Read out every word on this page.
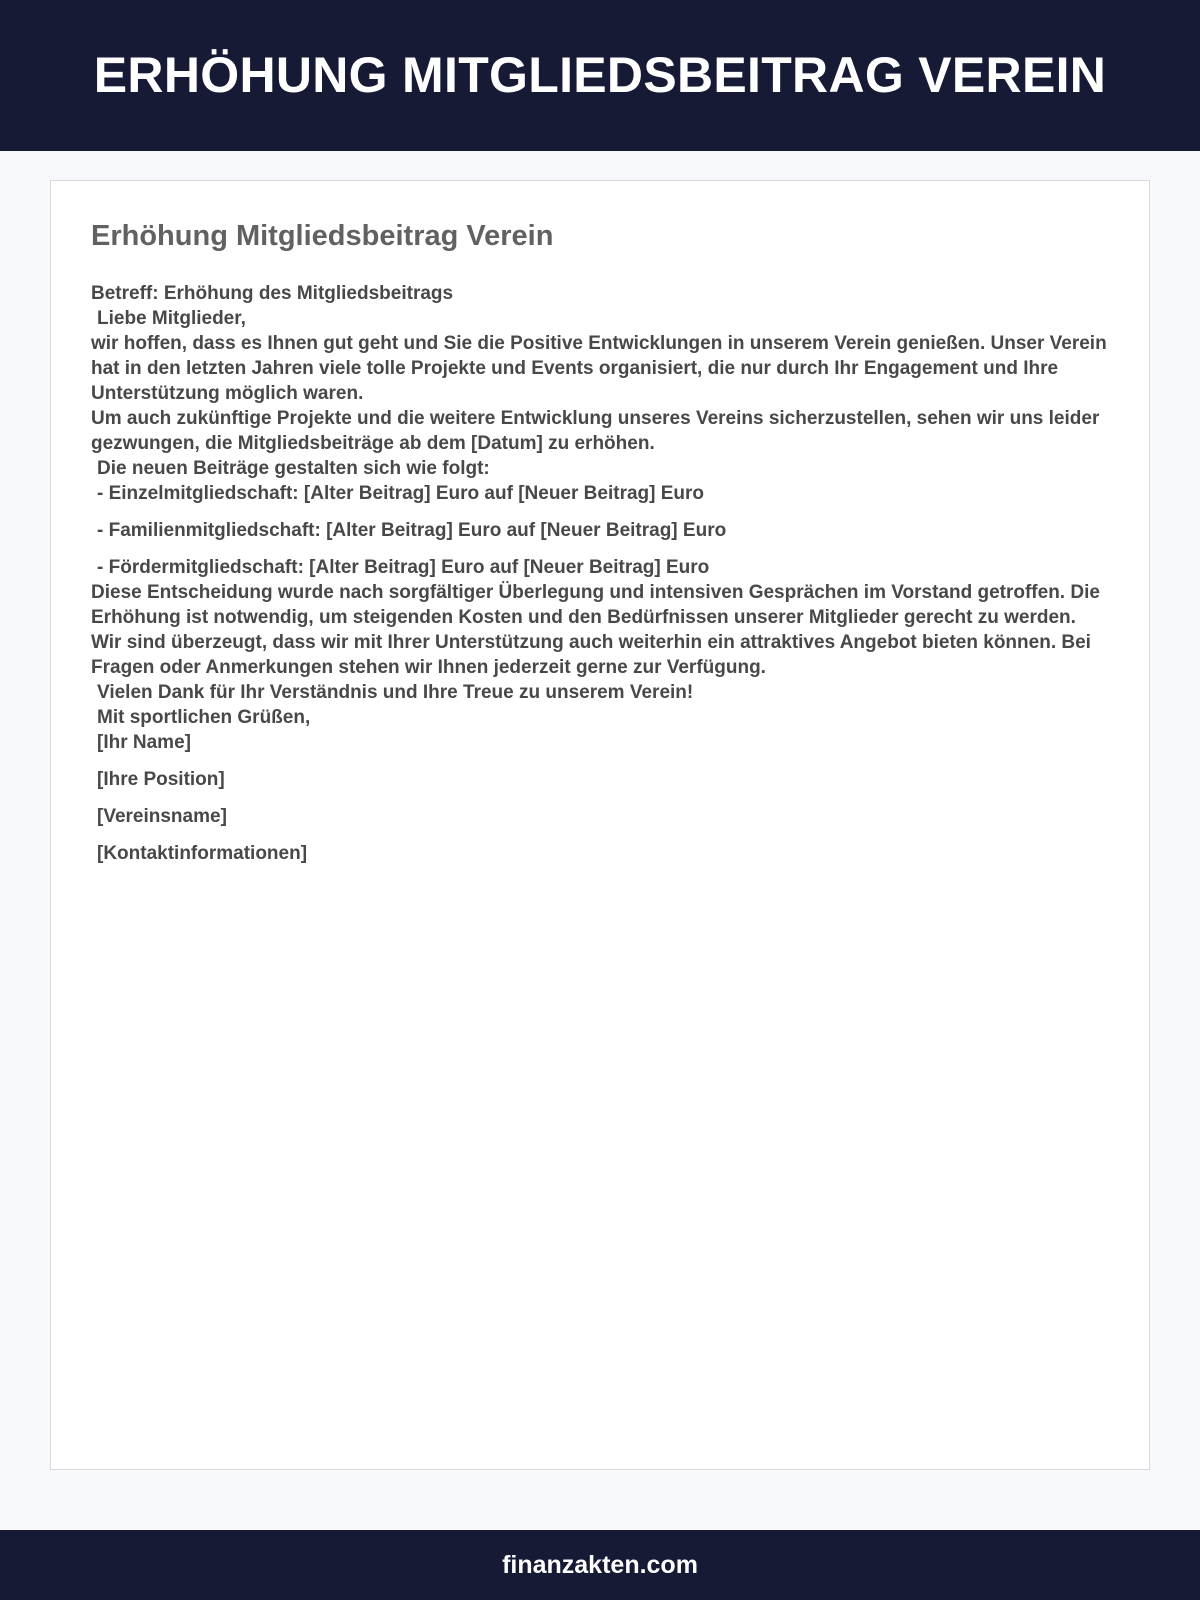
ERHÖHUNG MITGLIEDSBEITRAG VEREIN
Erhöhung Mitgliedsbeitrag Verein

Betreff: Erhöhung des Mitgliedsbeitrags

Liebe Mitglieder,

wir hoffen, dass es Ihnen gut geht und Sie die Positive Entwicklungen in unserem Verein genießen. Unser Verein hat in den letzten Jahren viele tolle Projekte und Events organisiert, die nur durch Ihr Engagement und Ihre Unterstützung möglich waren.

Um auch zukünftige Projekte und die weitere Entwicklung unseres Vereins sicherzustellen, sehen wir uns leider gezwungen, die Mitgliedsbeiträge ab dem [Datum] zu erhöhen.

Die neuen Beiträge gestalten sich wie folgt:

- Einzelmitgliedschaft: [Alter Beitrag] Euro auf [Neuer Beitrag] Euro

- Familienmitgliedschaft: [Alter Beitrag] Euro auf [Neuer Beitrag] Euro

- Fördermitgliedschaft: [Alter Beitrag] Euro auf [Neuer Beitrag] Euro

Diese Entscheidung wurde nach sorgfältiger Überlegung und intensiven Gesprächen im Vorstand getroffen. Die Erhöhung ist notwendig, um steigenden Kosten und den Bedürfnissen unserer Mitglieder gerecht zu werden.

Wir sind überzeugt, dass wir mit Ihrer Unterstützung auch weiterhin ein attraktives Angebot bieten können. Bei Fragen oder Anmerkungen stehen wir Ihnen jederzeit gerne zur Verfügung.

Vielen Dank für Ihr Verständnis und Ihre Treue zu unserem Verein!

Mit sportlichen Grüßen,

[Ihr Name]

[Ihre Position]

[Vereinsname]

[Kontaktinformationen]

finanzakten.com
